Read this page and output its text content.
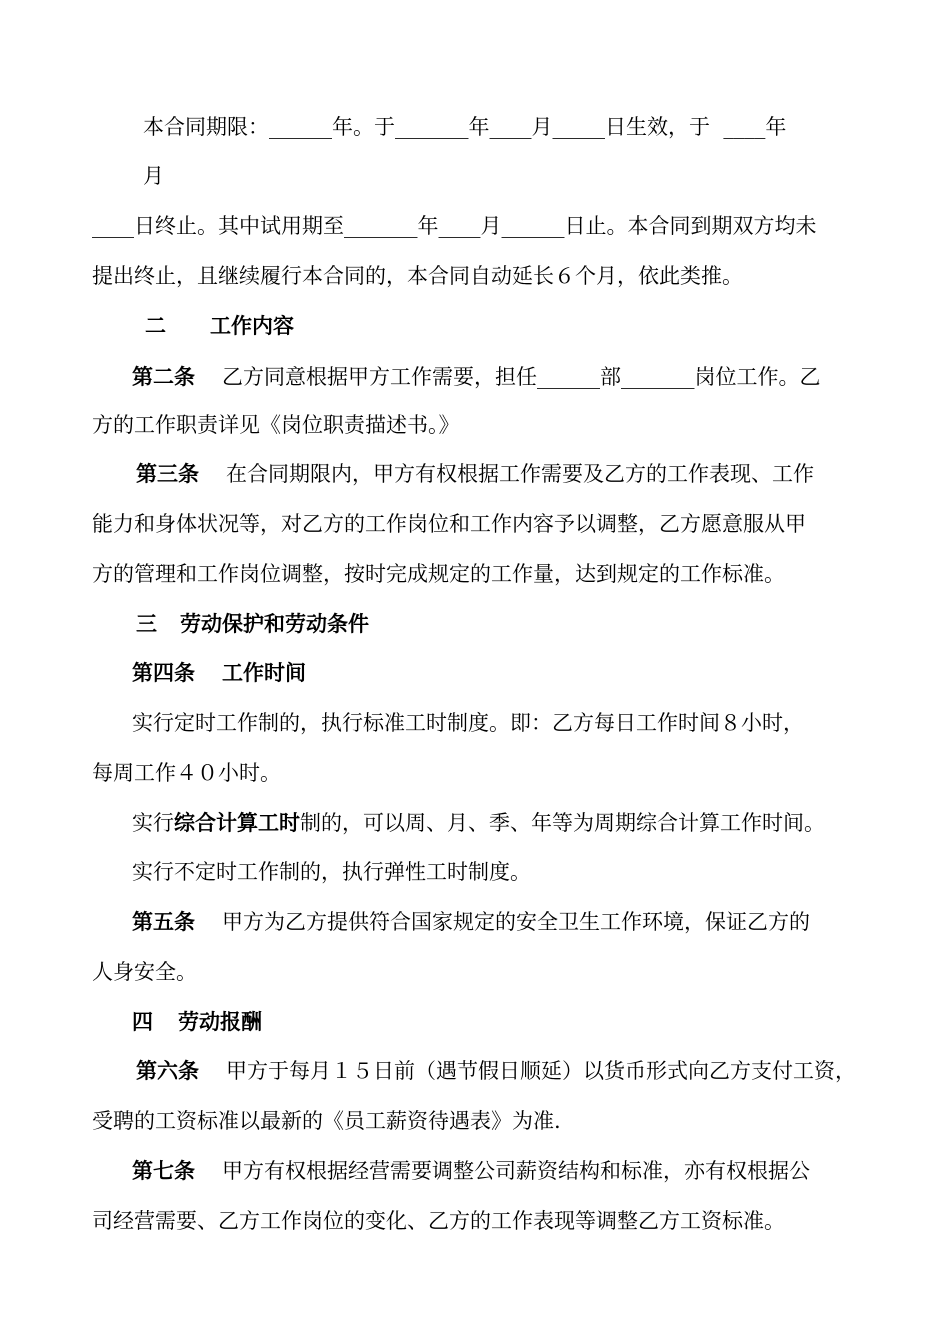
本合同期限：______年。于_______年____月_____日生效，于  ____年
月
____日终止。其中试用期至_______年____月______日止。本合同到期双方均未
提出终止，且继续履行本合同的，本合同自动延长６个月，依此类推。
二 工作内容
第二条 乙方同意根据甲方工作需要，担任______部_______岗位工作。乙
方的工作职责详见《岗位职责描述书。》
第三条 在合同期限内，甲方有权根据工作需要及乙方的工作表现、工作
能力和身体状况等，对乙方的工作岗位和工作内容予以调整，乙方愿意服从甲
方的管理和工作岗位调整，按时完成规定的工作量，达到规定的工作标准。
三 劳动保护和劳动条件
第四条 工作时间
实行定时工作制的，执行标准工时制度。即：乙方每日工作时间８小时，
每周工作４０小时。
实行 综合计算工时 制的，可以周、月、季、年等为周期综合计算工作时间。
实行不定时工作制的，执行弹性工时制度。
第五条 甲方为乙方提供符合国家规定的安全卫生工作环境，保证乙方的
人身安全。
四 劳动报酬
第六条 甲方于每月１５日前（遇节假日顺延）以货币形式向乙方支付工资，
受聘的工资标准以最新的《员工薪资待遇表》为准.
第七条 甲方有权根据经营需要调整公司薪资结构和标准，亦有权根据公
司经营需要、乙方工作岗位的变化、乙方的工作表现等调整乙方工资标准。
